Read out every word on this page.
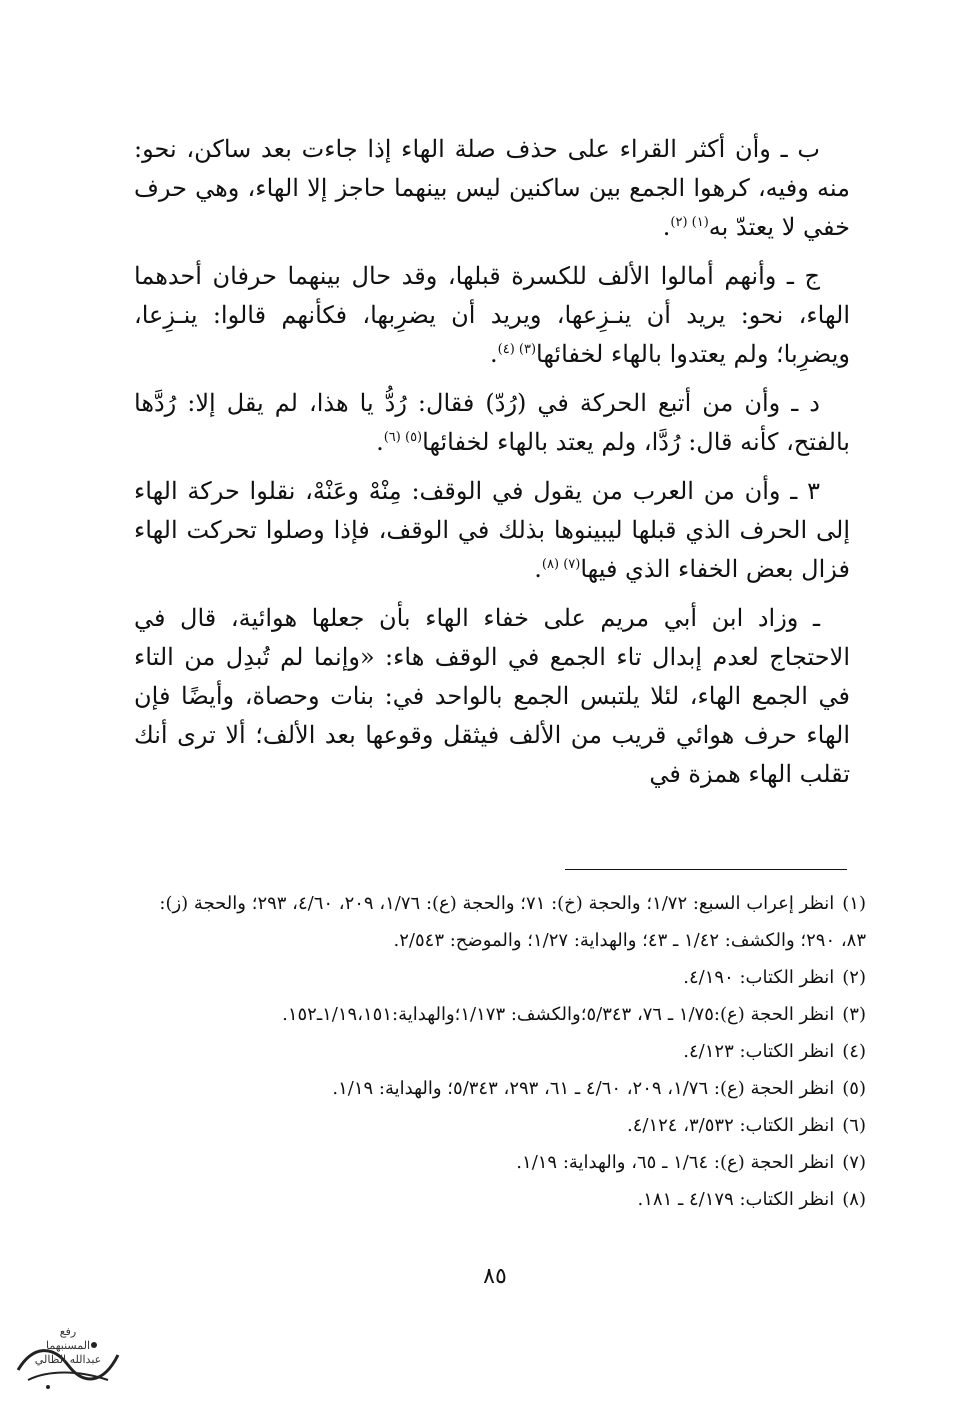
ب ـ وأن أكثر القراء على حذف صلة الهاء إذا جاءت بعد ساكن، نحو: منه وفيه، كرهوا الجمع بين ساكنين ليس بينهما حاجز إلا الهاء، وهي حرف خفي لا يعتدّ به$^{(١) (٢)}$.

ج ـ وأنهم أمالوا الألف للكسرة قبلها، وقد حال بينهما حرفان أحدهما الهاء، نحو: يريد أن ينـزِعها، ويريد أن يضرِبها، فكأنهم قالوا: ينـزِعا، ويضرِبا؛ ولم يعتدوا بالهاء لخفائها$^{(٣) (٤)}$.

د ـ وأن من أتبع الحركة في (رُدّ) فقال: رُدُّ يا هذا، لم يقل إلا: رُدَّها بالفتح، كأنه قال: رُدَّا، ولم يعتد بالهاء لخفائها$^{(٥) (٦)}$.

٣ ـ وأن من العرب من يقول في الوقف: مِنْهْ وعَنْهْ، نقلوا حركة الهاء إلى الحرف الذي قبلها ليبينوها بذلك في الوقف، فإذا وصلوا تحركت الهاء فزال بعض الخفاء الذي فيها$^{(٧) (٨)}$.

ـ وزاد ابن أبي مريم على خفاء الهاء بأن جعلها هوائية، قال في الاحتجاج لعدم إبدال تاء الجمع في الوقف هاء: «وإنما لم تُبدِل من التاء في الجمع الهاء، لئلا يلتبس الجمع بالواحد في: بنات وحصاة، وأيضًا فإن الهاء حرف هوائي قريب من الألف فيثقل وقوعها بعد الألف؛ ألا ترى أنك تقلب الهاء همزة في

(١) انظر إعراب السبع: ١/٧٢؛ والحجة (خ): ٧١؛ والحجة (ع): ١/٧٦، ٢٠٩، ٤/٦٠، ٢٩٣؛ والحجة (ز): ٨٣، ٢٩٠؛ والكشف: ١/٤٢ ـ ٤٣؛ والهداية: ١/٢٧؛ والموضح: ٢/٥٤٣.
(٢) انظر الكتاب: ٤/١٩٠.
(٣) انظر الحجة (ع):١/٧٥ ـ ٧٦، ٥/٣٤٣؛والكشف: ١/١٧٣؛والهداية:١/١٩،١٥١ـ١٥٢.
(٤) انظر الكتاب: ٤/١٢٣.
(٥) انظر الحجة (ع): ١/٧٦، ٢٠٩، ٤/٦٠ ـ ٦١، ٢٩٣، ٥/٣٤٣؛ والهداية: ١/١٩.
(٦) انظر الكتاب: ٣/٥٣٢، ٤/١٢٤.
(٧) انظر الحجة (ع): ١/٦٤ ـ ٦٥، والهداية: ١/١٩.
(٨) انظر الكتاب: ٤/١٧٩ ـ ١٨١.
٨٥
رفع
المسنبهما
عبدالله الظالي
